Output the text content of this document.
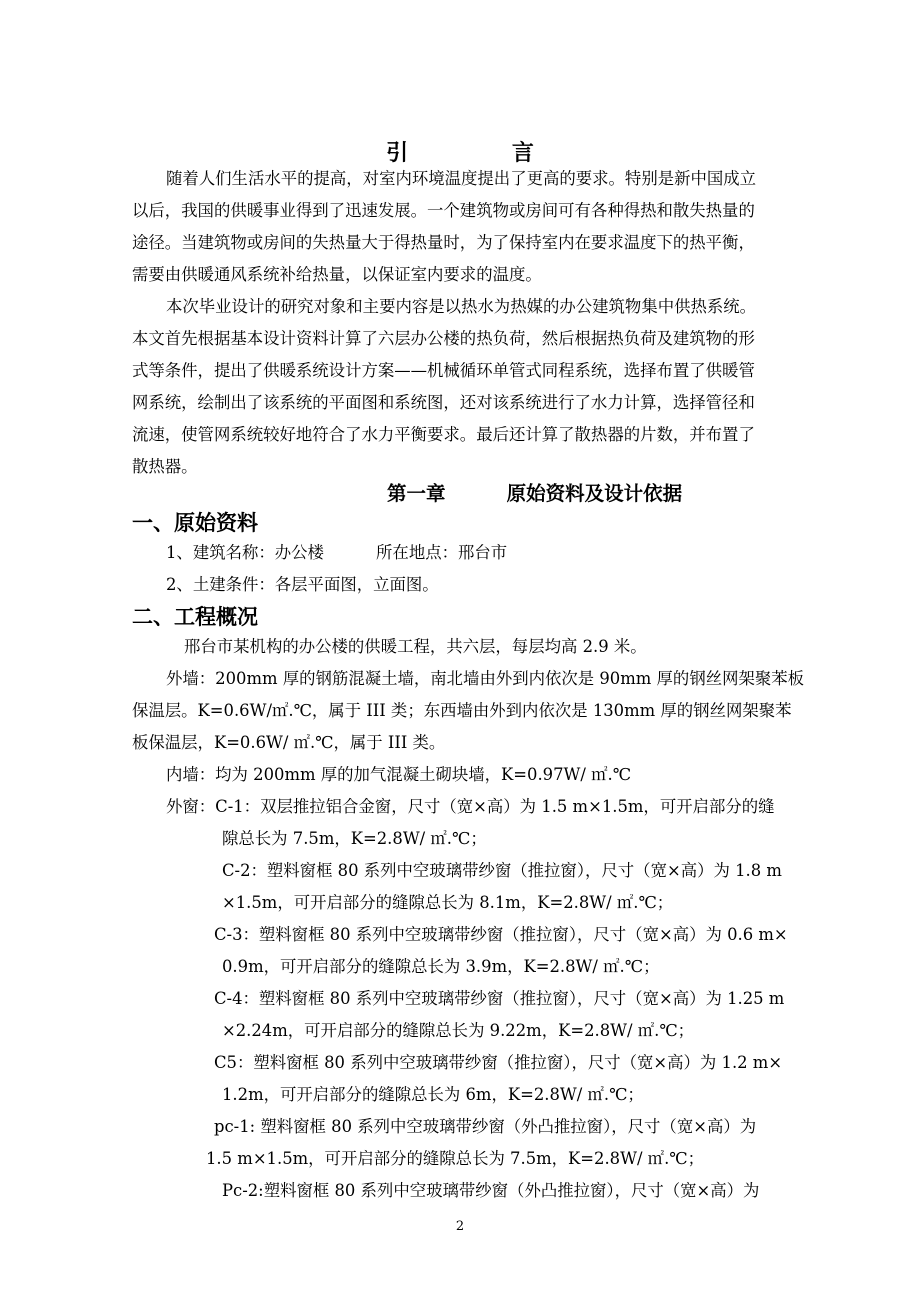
引 言
随着人们生活水平的提高，对室内环境温度提出了更高的要求。特别是新中国成立
以后，我国的供暖事业得到了迅速发展。一个建筑物或房间可有各种得热和散失热量的
途径。当建筑物或房间的失热量大于得热量时，为了保持室内在要求温度下的热平衡，
需要由供暖通风系统补给热量，以保证室内要求的温度。
本次毕业设计的研究对象和主要内容是以热水为热媒的办公建筑物集中供热系统。
本文首先根据基本设计资料计算了六层办公楼的热负荷，然后根据热负荷及建筑物的形
式等条件，提出了供暖系统设计方案——机械循环单管式同程系统，选择布置了供暖管
网系统，绘制出了该系统的平面图和系统图，还对该系统进行了水力计算，选择管径和
流速，使管网系统较好地符合了水力平衡要求。最后还计算了散热器的片数，并布置了
散热器。
第一章         原始资料及设计依据
一、原始资料
1、建筑名称：办公楼          所在地点：邢台市
2、土建条件：各层平面图，立面图。
二、工程概况
邢台市某机构的办公楼的供暖工程，共六层，每层均高 2.9 米。
外墙：200mm 厚的钢筋混凝土墙，南北墙由外到内依次是 90mm 厚的钢丝网架聚苯板
保温层。K=0.6W/㎡.℃，属于 III 类；东西墙由外到内依次是 130mm 厚的钢丝网架聚苯
板保温层，K=0.6W/ ㎡.℃，属于 III 类。
内墙：均为 200mm 厚的加气混凝土砌块墙，K=0.97W/ ㎡.℃
外窗：C-1：双层推拉铝合金窗，尺寸（宽×高）为 1.5 m×1.5m，可开启部分的缝
隙总长为 7.5m，K=2.8W/ ㎡.℃；
C-2：塑料窗框 80 系列中空玻璃带纱窗（推拉窗），尺寸（宽×高）为 1.8 m
×1.5m，可开启部分的缝隙总长为 8.1m，K=2.8W/ ㎡.℃；
C-3：塑料窗框 80 系列中空玻璃带纱窗（推拉窗），尺寸（宽×高）为 0.6 m×
0.9m，可开启部分的缝隙总长为 3.9m，K=2.8W/ ㎡.℃；
C-4：塑料窗框 80 系列中空玻璃带纱窗（推拉窗），尺寸（宽×高）为 1.25 m
×2.24m，可开启部分的缝隙总长为 9.22m，K=2.8W/ ㎡.℃；
C5：塑料窗框 80 系列中空玻璃带纱窗（推拉窗），尺寸（宽×高）为 1.2 m×
1.2m，可开启部分的缝隙总长为 6m，K=2.8W/ ㎡.℃；
pc-1: 塑料窗框 80 系列中空玻璃带纱窗（外凸推拉窗），尺寸（宽×高）为
1.5 m×1.5m，可开启部分的缝隙总长为 7.5m，K=2.8W/ ㎡.℃；
Pc-2:塑料窗框 80 系列中空玻璃带纱窗（外凸推拉窗），尺寸（宽×高）为
2
